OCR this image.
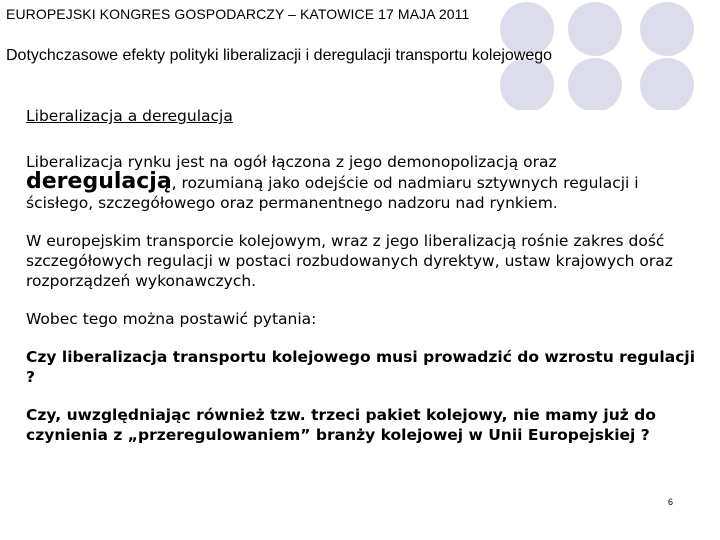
EUROPEJSKI KONGRES GOSPODARCZY – KATOWICE 17 MAJA 2011
Dotychczasowe efekty polityki liberalizacji i deregulacji transportu kolejowego
Liberalizacja a deregulacja

Liberalizacja rynku jest na ogół łączona z jego demonopolizacją oraz deregulacją, rozumianą jako odejście od nadmiaru sztywnych regulacji i ścisłego, szczegółowego oraz permanentnego nadzoru nad rynkiem.

W europejskim transporcie kolejowym, wraz z jego liberalizacją rośnie zakres dość szczegółowych regulacji w postaci rozbudowanych dyrektyw, ustaw krajowych oraz rozporządzeń wykonawczych.

Wobec tego można postawić pytania:

Czy liberalizacja transportu kolejowego musi prowadzić do wzrostu regulacji ?

Czy, uwzględniając również tzw. trzeci pakiet kolejowy, nie mamy już do czynienia z „przeregulowaniem” branży kolejowej w Unii Europejskiej ?

6
